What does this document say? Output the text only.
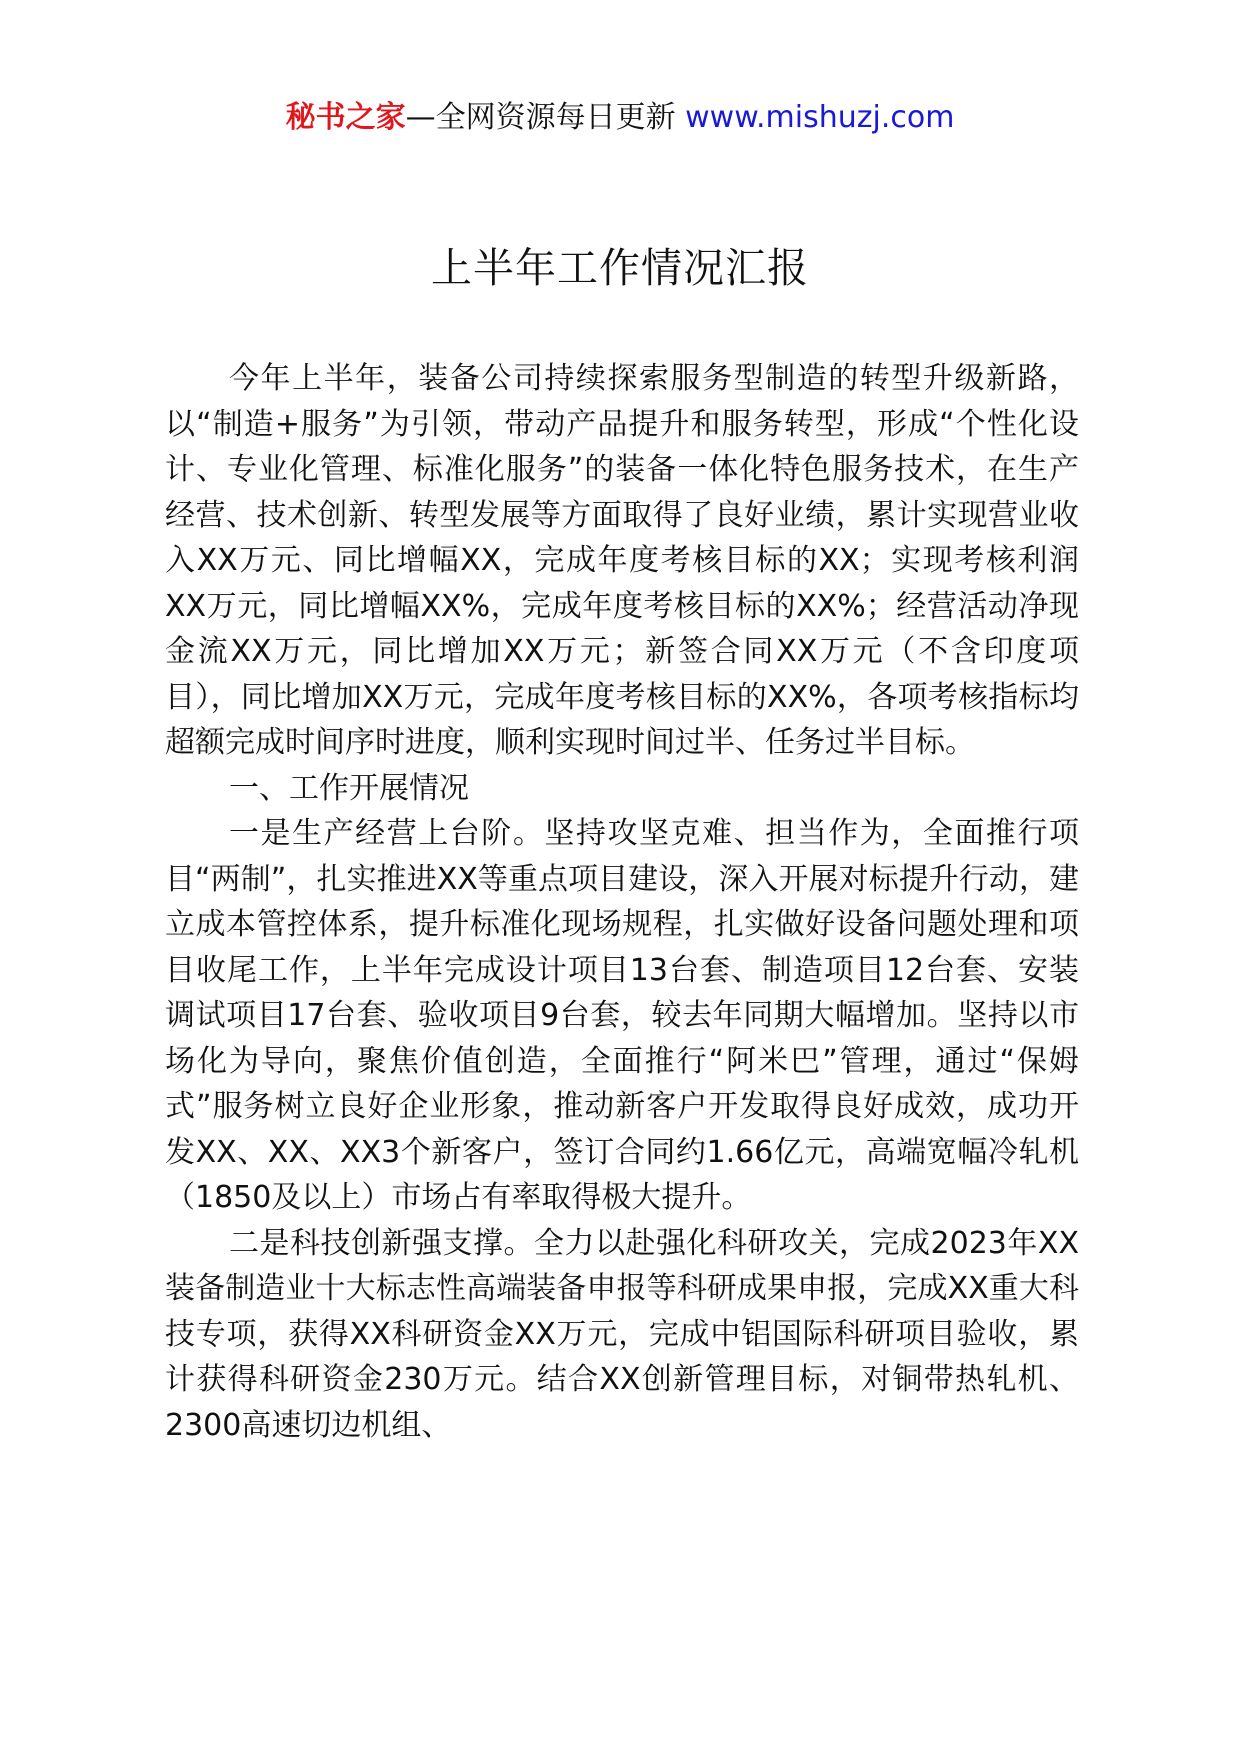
秘书之家—全网资源每日更新 www.mishuzj.com
上半年工作情况汇报

今年上半年，装备公司持续探索服务型制造的转型升级新路，以“制造+服务”为引领，带动产品提升和服务转型，形成“个性化设计、专业化管理、标准化服务”的装备一体化特色服务技术，在生产经营、技术创新、转型发展等方面取得了良好业绩，累计实现营业收入XX万元、同比增幅XX，完成年度考核目标的XX；实现考核利润XX万元，同比增幅XX%，完成年度考核目标的XX%；经营活动净现金流XX万元，同比增加XX万元；新签合同XX万元（不含印度项目），同比增加XX万元，完成年度考核目标的XX%，各项考核指标均超额完成时间序时进度，顺利实现时间过半、任务过半目标。

一、工作开展情况

一是生产经营上台阶。坚持攻坚克难、担当作为，全面推行项目“两制”，扎实推进XX等重点项目建设，深入开展对标提升行动，建立成本管控体系，提升标准化现场规程，扎实做好设备问题处理和项目收尾工作，上半年完成设计项目13台套、制造项目12台套、安装调试项目17台套、验收项目9台套，较去年同期大幅增加。坚持以市场化为导向，聚焦价值创造，全面推行“阿米巴”管理，通过“保姆式”服务树立良好企业形象，推动新客户开发取得良好成效，成功开发XX、XX、XX3个新客户，签订合同约1.66亿元，高端宽幅冷轧机（1850及以上）市场占有率取得极大提升。

二是科技创新强支撑。全力以赴强化科研攻关，完成2023年XX装备制造业十大标志性高端装备申报等科研成果申报，完成XX重大科技专项，获得XX科研资金XX万元，完成中铝国际科研项目验收，累计获得科研资金230万元。结合XX创新管理目标，对铜带热轧机、2300高速切边机组、
